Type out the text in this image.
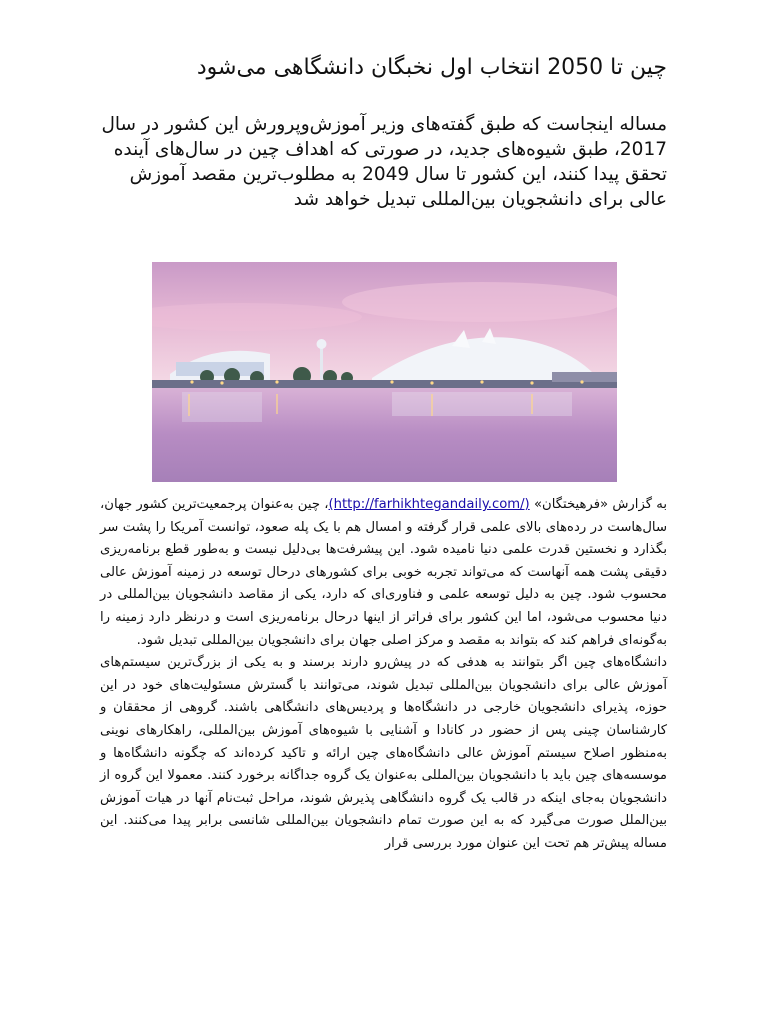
چین تا 2050 انتخاب اول نخبگان دانشگاهی می‌شود

مساله اینجاست که طبق گفته‌های وزیر آموزش‌وپرورش این کشور در سال 2017، طبق شیوه‌های جدید، در صورتی که اهداف چین در سال‌های آینده تحقق پیدا کنند، این کشور تا سال 2049 به مطلوب‌ترین مقصد آموزش عالی برای دانشجویان بین‌المللی تبدیل خواهد شد

به گزارش «فرهیختگان» (http://farhikhtegandaily.com/)، چین به‌عنوان پرجمعیت‌ترین کشور جهان، سال‌هاست در رده‌های بالای علمی قرار گرفته و امسال هم با یک پله صعود، توانست آمریکا را پشت سر بگذارد و نخستین قدرت علمی دنیا نامیده شود. این پیشرفت‌ها بی‌دلیل نیست و به‌طور قطع برنامه‌ریزی دقیقی پشت همه آنهاست که می‌تواند تجربه خوبی برای کشورهای درحال توسعه در زمینه آموزش عالی محسوب شود. چین به دلیل توسعه علمی و فناوری‌ای که دارد، یکی از مقاصد دانشجویان بین‌المللی در دنیا محسوب می‌شود، اما این کشور برای فراتر از اینها درحال برنامه‌ریزی است و درنظر دارد زمینه را به‌گونه‌ای فراهم کند که بتواند به مقصد و مرکز اصلی جهان برای دانشجویان بین‌المللی تبدیل شود.
دانشگاه‌های چین اگر بتوانند به هدفی که در پیش‌رو دارند برسند و به یکی از بزرگ‌ترین سیستم‌های آموزش عالی برای دانشجویان بین‌المللی تبدیل شوند، می‌توانند با گسترش مسئولیت‌های خود در این حوزه، پذیرای دانشجویان خارجی در دانشگاه‌ها و پردیس‌های دانشگاهی باشند. گروهی از محققان و کارشناسان چینی پس از حضور در کانادا و آشنایی با شیوه‌های آموزش بین‌المللی، راهکارهای نوینی به‌منظور اصلاح سیستم آموزش عالی دانشگاه‌های چین ارائه و تاکید کرده‌اند که چگونه دانشگاه‌ها و موسسه‌های چین باید با دانشجویان بین‌المللی به‌عنوان یک گروه جداگانه برخورد کنند. معمولا این گروه از دانشجویان به‌جای اینکه در قالب یک گروه دانشگاهی پذیرش شوند، مراحل ثبت‌نام آنها در هیات آموزش بین‌الملل صورت می‌گیرد که به این صورت تمام دانشجویان بین‌المللی شانسی برابر پیدا می‌کنند. این مساله پیش‌تر هم تحت این عنوان مورد بررسی قرار
